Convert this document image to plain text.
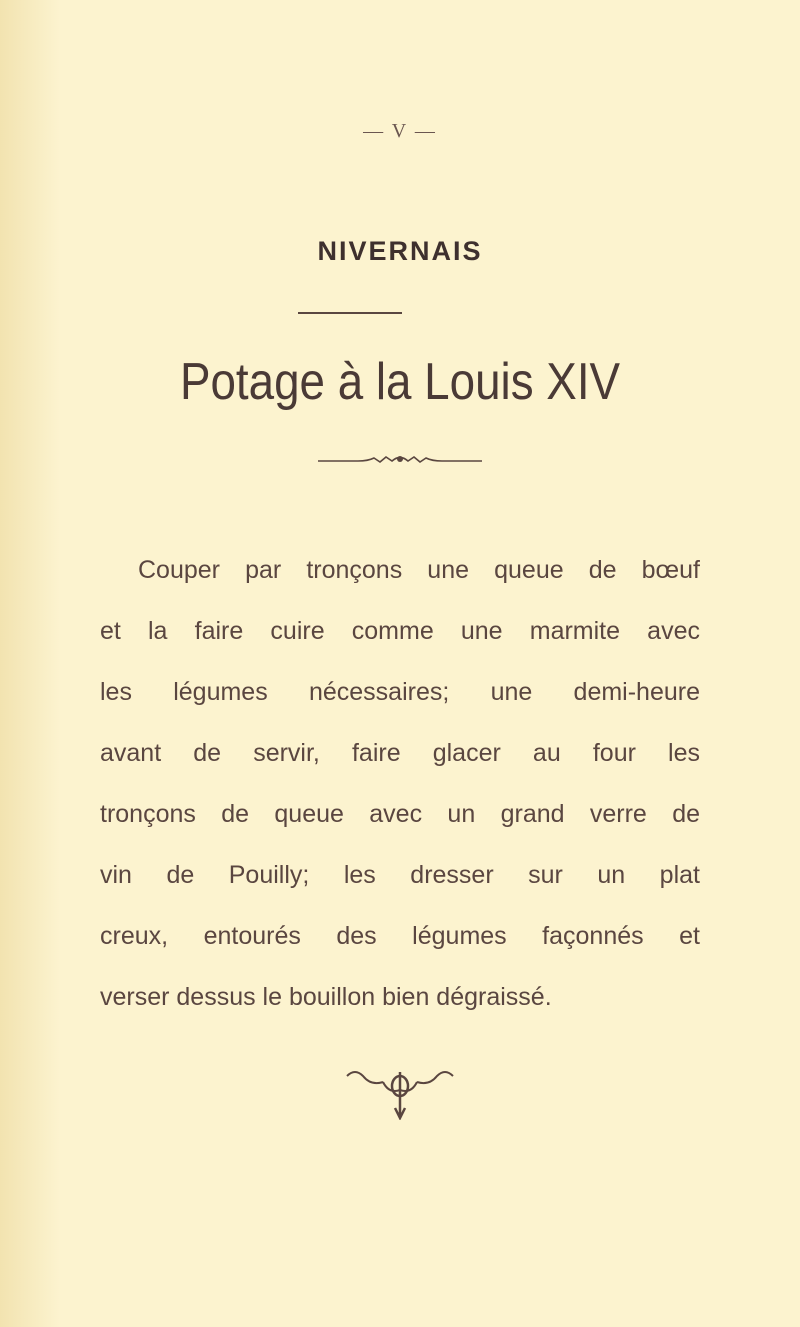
— V —
NIVERNAIS
Potage à la Louis XIV
Couper par tronçons une queue de bœuf
et la faire cuire comme une marmite avec
les légumes nécessaires; une demi-heure
avant de servir, faire glacer au four les
tronçons de queue avec un grand verre de
vin de Pouilly; les dresser sur un plat
creux, entourés des légumes façonnés et
verser dessus le bouillon bien dégraissé.
